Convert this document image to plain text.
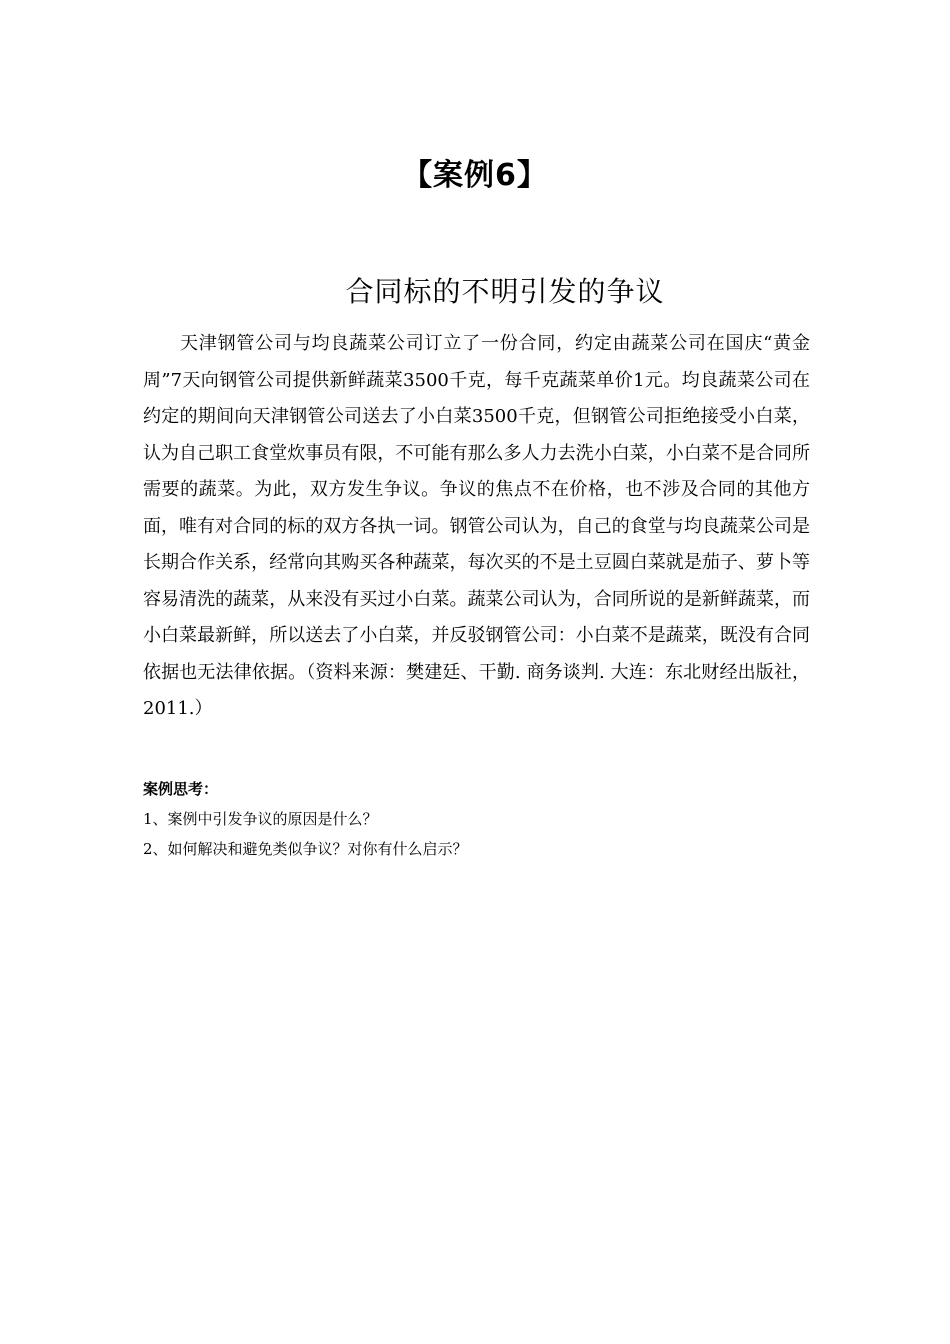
【案例6】
合同标的不明引发的争议

天津钢管公司与均良蔬菜公司订立了一份合同，约定由蔬菜公司在国庆“黄金周”7天向钢管公司提供新鲜蔬菜3500千克，每千克蔬菜单价1元。均良蔬菜公司在约定的期间向天津钢管公司送去了小白菜3500千克，但钢管公司拒绝接受小白菜，认为自己职工食堂炊事员有限，不可能有那么多人力去洗小白菜，小白菜不是合同所需要的蔬菜。为此，双方发生争议。争议的焦点不在价格，也不涉及合同的其他方面，唯有对合同的标的双方各执一词。钢管公司认为，自己的食堂与均良蔬菜公司是长期合作关系，经常向其购买各种蔬菜，每次买的不是土豆圆白菜就是茄子、萝卜等容易清洗的蔬菜，从来没有买过小白菜。蔬菜公司认为，合同所说的是新鲜蔬菜，而小白菜最新鲜，所以送去了小白菜，并反驳钢管公司：小白菜不是蔬菜，既没有合同依据也无法律依据。（资料来源：樊建廷、干勤. 商务谈判. 大连：东北财经出版社，2011.）

案例思考：

1、案例中引发争议的原因是什么？

2、如何解决和避免类似争议？对你有什么启示？
